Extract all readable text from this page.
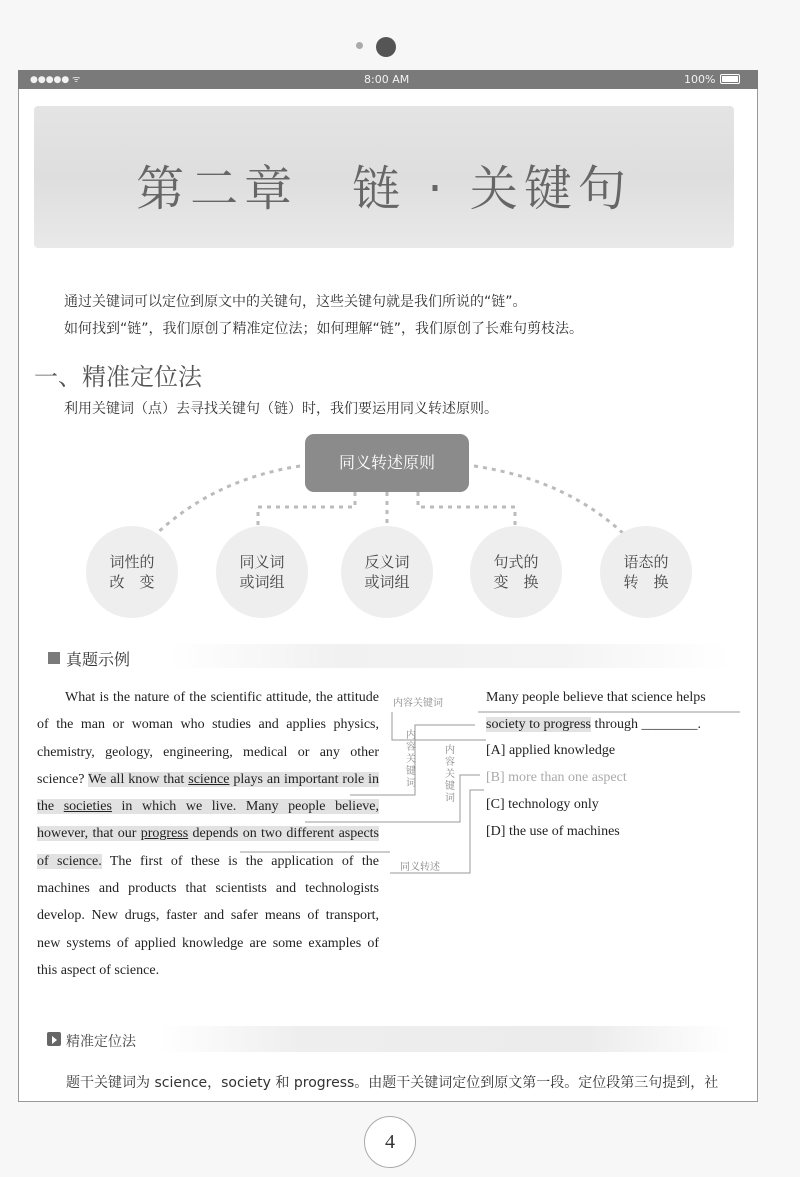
●●●●● ᯤ	8:00 AM	100%
第二章　链 · 关键句
通过关键词可以定位到原文中的关键句，这些关键句就是我们所说的“链”。
如何找到“链”，我们原创了精准定位法；如何理解“链”，我们原创了长难句剪枝法。
一、精准定位法
利用关键词（点）去寻找关键句（链）时，我们要运用同义转述原则。
同义转述原则
词性的
改　变
同义词
或词组
反义词
或词组
句式的
变　换
语态的
转　换
真题示例
What is the nature of the scientific attitude, the attitude of the man or woman who studies and applies physics, chemistry, geology, engineering, medical or any other science? We all know that science plays an important role in the societies in which we live. Many people believe, however, that our progress depends on two different aspects of science. The first of these is the application of the machines and products that scientists and technologists develop. New drugs, faster and safer means of transport, new systems of applied knowledge are some examples of this aspect of science.
内容关键词
内容关键词
内容关键词
同义转述
Many people believe that science helps
society to progress through ________.
[A] applied knowledge
[B] more than one aspect
[C] technology only
[D] the use of machines
精准定位法
题干关键词为 science，society 和 progress。由题干关键词定位到原文第一段。定位段第三句提到，社
4
